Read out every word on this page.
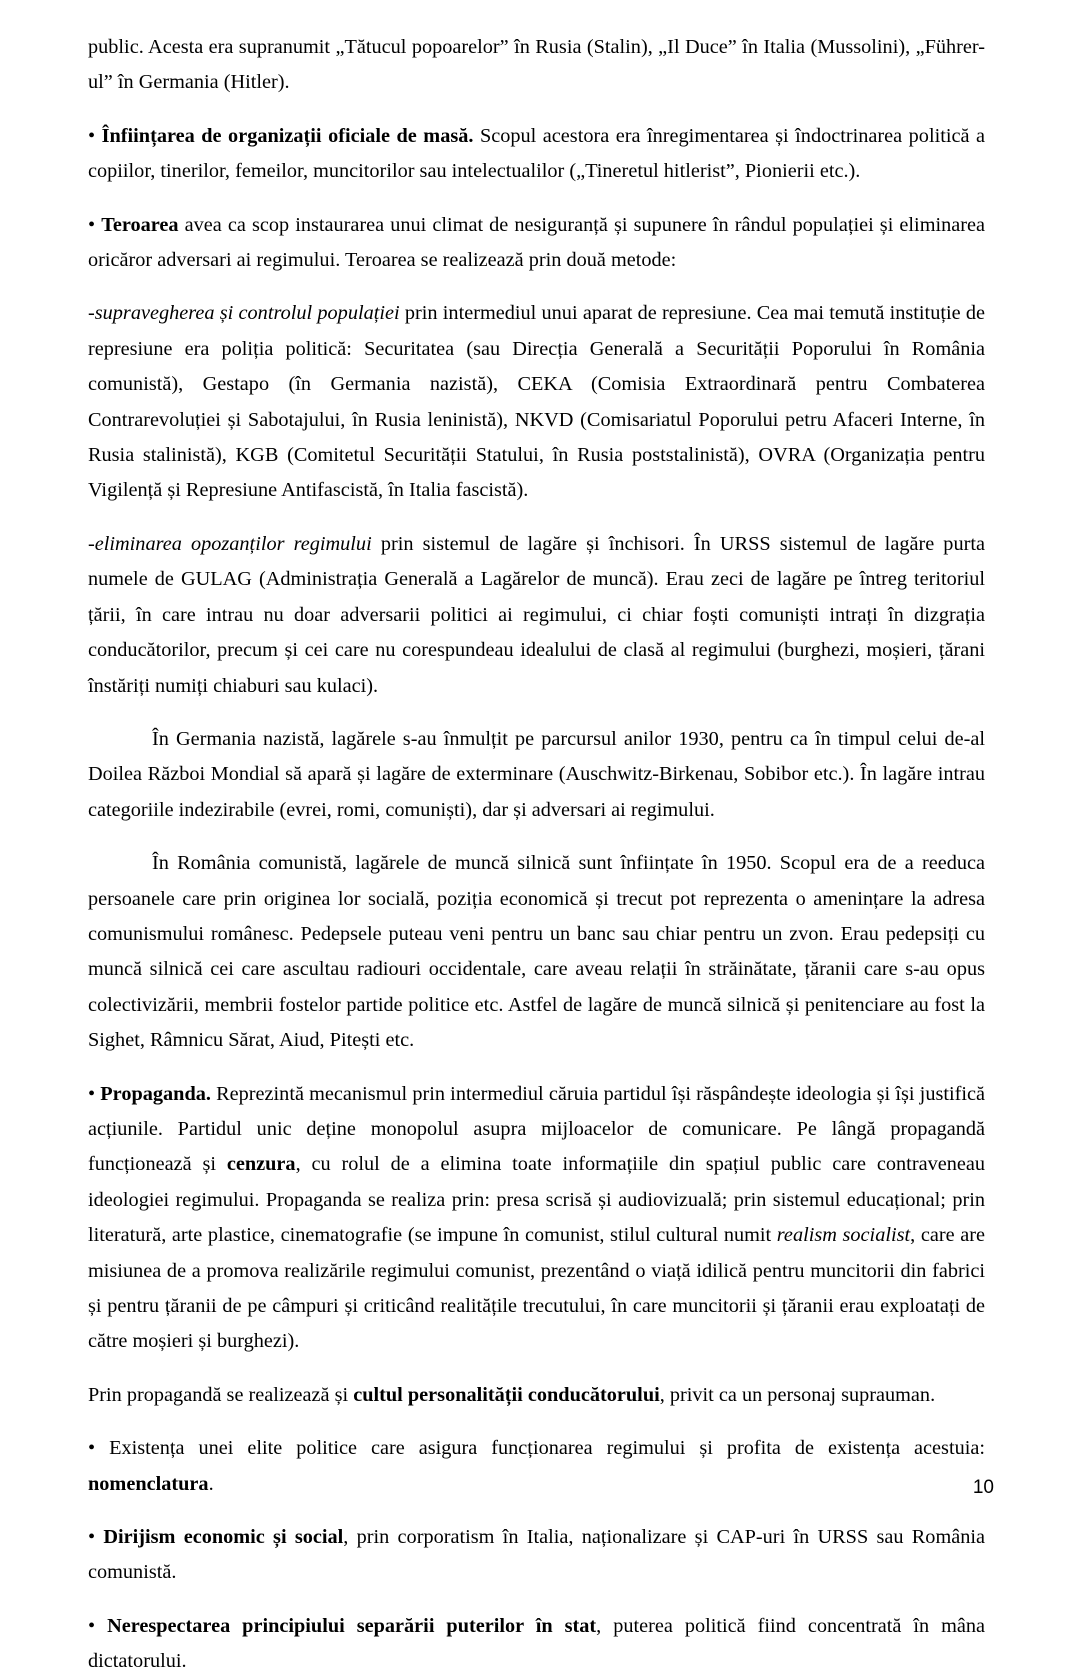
public. Acesta era supranumit „Tătucul popoarelor” în Rusia (Stalin), „Il Duce” în Italia (Mussolini), „Führer-ul” în Germania (Hitler).

• Înființarea de organizații oficiale de masă. Scopul acestora era înregimentarea și îndoctrinarea politică a copiilor, tinerilor, femeilor, muncitorilor sau intelectualilor („Tineretul hitlerist”, Pionierii etc.).

• Teroarea avea ca scop instaurarea unui climat de nesiguranță și supunere în rândul populației și eliminarea oricăror adversari ai regimului. Teroarea se realizează prin două metode:

-supravegherea și controlul populației prin intermediul unui aparat de represiune. Cea mai temută instituție de represiune era poliția politică: Securitatea (sau Direcția Generală a Securității Poporului în România comunistă), Gestapo (în Germania nazistă), CEKA (Comisia Extraordinară pentru Combaterea Contrarevoluției și Sabotajului, în Rusia leninistă), NKVD (Comisariatul Poporului petru Afaceri Interne, în Rusia stalinistă), KGB (Comitetul Securității Statului, în Rusia poststalinistă), OVRA (Organizația pentru Vigilență și Represiune Antifascistă, în Italia fascistă).

-eliminarea opozanților regimului prin sistemul de lagăre și închisori. În URSS sistemul de lagăre purta numele de GULAG (Administrația Generală a Lagărelor de muncă). Erau zeci de lagăre pe întreg teritoriul țării, în care intrau nu doar adversarii politici ai regimului, ci chiar foști comuniști intrați în dizgrația conducătorilor, precum și cei care nu corespundeau idealului de clasă al regimului (burghezi, moșieri, țărani înstăriți numiți chiaburi sau kulaci).

În Germania nazistă, lagărele s-au înmulțit pe parcursul anilor 1930, pentru ca în timpul celui de-al Doilea Război Mondial să apară și lagăre de exterminare (Auschwitz-Birkenau, Sobibor etc.). În lagăre intrau categoriile indezirabile (evrei, romi, comuniști), dar și adversari ai regimului.

În România comunistă, lagărele de muncă silnică sunt înființate în 1950. Scopul era de a reeduca persoanele care prin originea lor socială, poziția economică și trecut pot reprezenta o amenințare la adresa comunismului românesc. Pedepsele puteau veni pentru un banc sau chiar pentru un zvon. Erau pedepsiți cu muncă silnică cei care ascultau radiouri occidentale, care aveau relații în străinătate, țăranii care s-au opus colectivizării, membrii fostelor partide politice etc. Astfel de lagăre de muncă silnică și penitenciare au fost la Sighet, Râmnicu Sărat, Aiud, Pitești etc.

• Propaganda. Reprezintă mecanismul prin intermediul căruia partidul își răspândește ideologia și își justifică acțiunile. Partidul unic deține monopolul asupra mijloacelor de comunicare. Pe lângă propagandă funcționează și cenzura, cu rolul de a elimina toate informațiile din spațiul public care contraveneau ideologiei regimului. Propaganda se realiza prin: presa scrisă și audiovizuală; prin sistemul educațional; prin literatură, arte plastice, cinematografie (se impune în comunist, stilul cultural numit realism socialist, care are misiunea de a promova realizările regimului comunist, prezentând o viață idilică pentru muncitorii din fabrici și pentru țăranii de pe câmpuri și criticând realitățile trecutului, în care muncitorii și țăranii erau exploatați de către moșieri și burghezi).

Prin propagandă se realizează și cultul personalității conducătorului, privit ca un personaj suprauman.

• Existența unei elite politice care asigura funcționarea regimului și profita de existența acestuia: nomenclatura.

• Dirijism economic și social, prin corporatism în Italia, naționalizare și CAP-uri în URSS sau România comunistă.

• Nerespectarea principiului separării puterilor în stat, puterea politică fiind concentrată în mâna dictatorului.

10
